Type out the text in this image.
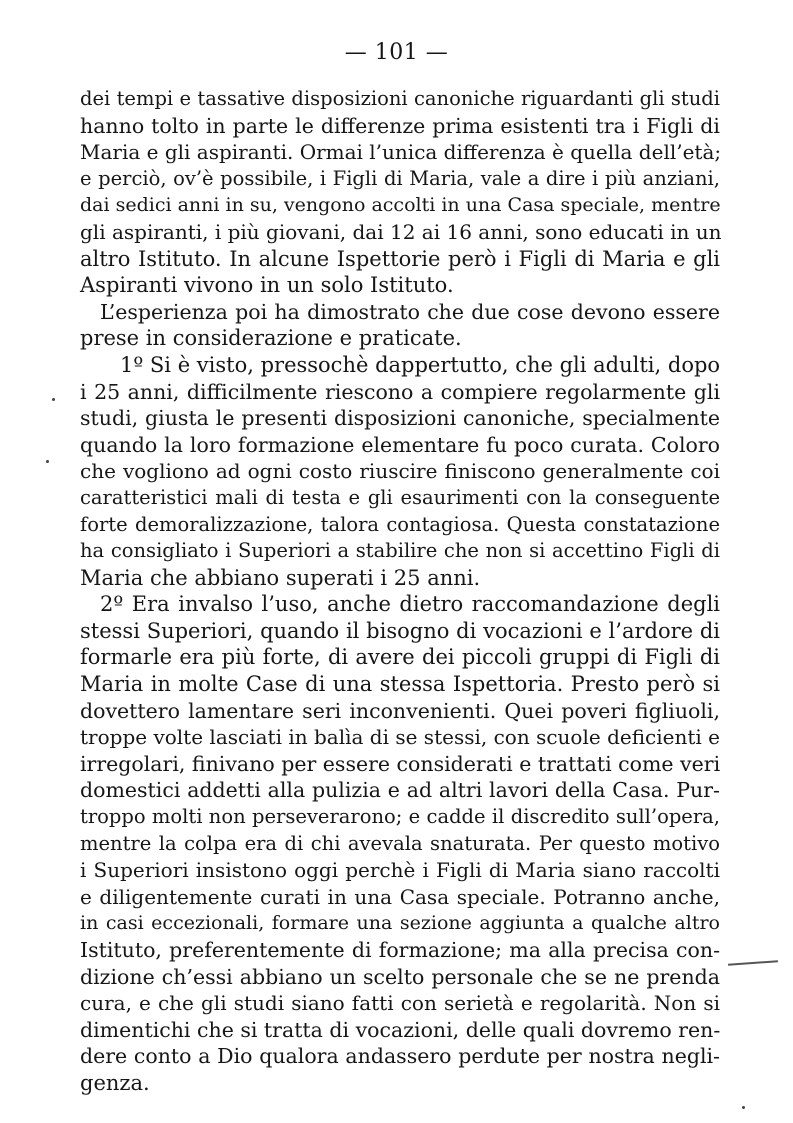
— 101 —
dei tempi e tassative disposizioni canoniche riguardanti gli studi
hanno tolto in parte le differenze prima esistenti tra i Figli di
Maria e gli aspiranti. Ormai l’unica differenza è quella dell’età;
e perciò, ov’è possibile, i Figli di Maria, vale a dire i più anziani,
dai sedici anni in su, vengono accolti in una Casa speciale, mentre
gli aspiranti, i più giovani, dai 12 ai 16 anni, sono educati in un
altro Istituto. In alcune Ispettorie però i Figli di Maria e gli
Aspiranti vivono in un solo Istituto.
L’esperienza poi ha dimostrato che due cose devono essere
prese in considerazione e praticate.
1º Si è visto, pressochè dappertutto, che gli adulti, dopo
i 25 anni, difficilmente riescono a compiere regolarmente gli
studi, giusta le presenti disposizioni canoniche, specialmente
quando la loro formazione elementare fu poco curata. Coloro
che vogliono ad ogni costo riuscire finiscono generalmente coi
caratteristici mali di testa e gli esaurimenti con la conseguente
forte demoralizzazione, talora contagiosa. Questa constatazione
ha consigliato i Superiori a stabilire che non si accettino Figli di
Maria che abbiano superati i 25 anni.
2º Era invalso l’uso, anche dietro raccomandazione degli
stessi Superiori, quando il bisogno di vocazioni e l’ardore di
formarle era più forte, di avere dei piccoli gruppi di Figli di
Maria in molte Case di una stessa Ispettoria. Presto però si
dovettero lamentare seri inconvenienti. Quei poveri figliuoli,
troppe volte lasciati in balìa di se stessi, con scuole deficienti e
irregolari, finivano per essere considerati e trattati come veri
domestici addetti alla pulizia e ad altri lavori della Casa. Pur-
troppo molti non perseverarono; e cadde il discredito sull’opera,
mentre la colpa era di chi avevala snaturata. Per questo motivo
i Superiori insistono oggi perchè i Figli di Maria siano raccolti
e diligentemente curati in una Casa speciale. Potranno anche,
in casi eccezionali, formare una sezione aggiunta a qualche altro
Istituto, preferentemente di formazione; ma alla precisa con-
dizione ch’essi abbiano un scelto personale che se ne prenda
cura, e che gli studi siano fatti con serietà e regolarità. Non si
dimentichi che si tratta di vocazioni, delle quali dovremo ren-
dere conto a Dio qualora andassero perdute per nostra negli-
genza.
